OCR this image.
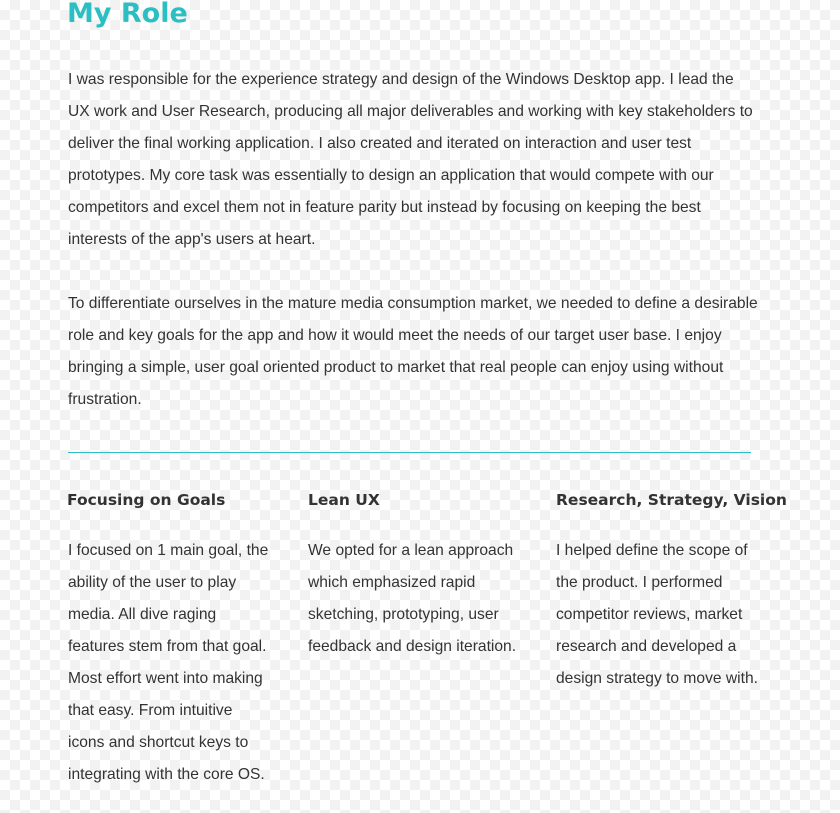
My Role

I was responsible for the experience strategy and design of the Windows Desktop app. I lead the UX work and User Research, producing all major deliverables and working with key stakeholders to deliver the final working application. I also created and iterated on interaction and user test prototypes. My core task was essentially to design an application that would compete with our competitors and excel them not in feature parity but instead by focusing on keeping the best interests of the app's users at heart.

To differentiate ourselves in the mature media consumption market, we needed to define a desirable role and key goals for the app and how it would meet the needs of our target user base. I enjoy bringing a simple, user goal oriented product to market that real people can enjoy using without frustration.

Focusing on Goals	Lean UX	Research, Strategy, Vision

I focused on 1 main goal, the ability of the user to play media. All dive raging features stem from that goal. Most effort went into making that easy. From intuitive icons and shortcut keys to integrating with the core OS.

We opted for a lean approach which emphasized rapid sketching, prototyping, user feedback and design iteration.

I helped define the scope of the product. I performed competitor reviews, market research and developed a design strategy to move with.
